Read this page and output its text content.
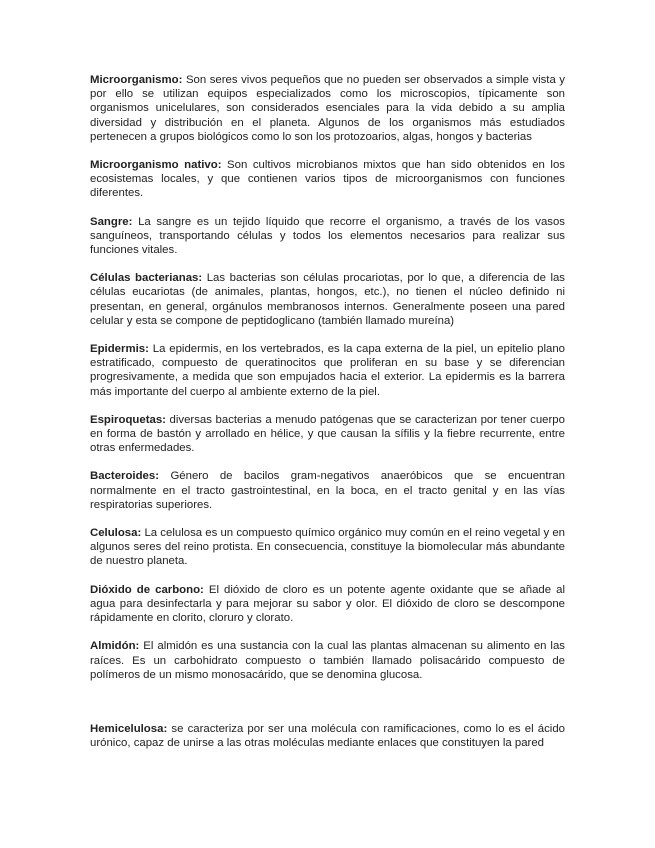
Microorganismo: Son seres vivos pequeños que no pueden ser observados a simple vista y por ello se utilizan equipos especializados como los microscopios, típicamente son organismos unicelulares, son considerados esenciales para la vida debido a su amplia diversidad y distribución en el planeta. Algunos de los organismos más estudiados pertenecen a grupos biológicos como lo son los protozoarios, algas, hongos y bacterias

Microorganismo nativo: Son cultivos microbianos mixtos que han sido obtenidos en los ecosistemas locales, y que contienen varios tipos de microorganismos con funciones diferentes.

Sangre: La sangre es un tejido líquido que recorre el organismo, a través de los vasos sanguíneos, transportando células y todos los elementos necesarios para realizar sus funciones vitales.

Células bacterianas: Las bacterias son células procariotas, por lo que, a diferencia de las células eucariotas (de animales, plantas, hongos, etc.), no tienen el núcleo definido ni presentan, en general, orgánulos membranosos internos. Generalmente poseen una pared celular y esta se compone de peptidoglicano (también llamado mureína)

Epidermis: La epidermis, en los vertebrados, es la capa externa de la piel, un epitelio plano estratificado, compuesto de queratinocitos que proliferan en su base y se diferencian progresivamente, a medida que son empujados hacia el exterior. La epidermis es la barrera más importante del cuerpo al ambiente externo de la piel.

Espiroquetas: diversas bacterias a menudo patógenas que se caracterizan por tener cuerpo en forma de bastón y arrollado en hélice, y que causan la sífilis y la fiebre recurrente, entre otras enfermedades.

Bacteroides: Género de bacilos gram-negativos anaeróbicos que se encuentran normalmente en el tracto gastrointestinal, en la boca, en el tracto genital y en las vías respiratorias superiores.

Celulosa: La celulosa es un compuesto químico orgánico muy común en el reino vegetal y en algunos seres del reino protista. En consecuencia, constituye la biomolecular más abundante de nuestro planeta.

Dióxido de carbono: El dióxido de cloro es un potente agente oxidante que se añade al agua para desinfectarla y para mejorar su sabor y olor. El dióxido de cloro se descompone rápidamente en clorito, cloruro y clorato.

Almidón: El almidón es una sustancia con la cual las plantas almacenan su alimento en las raíces. Es un carbohidrato compuesto o también llamado polisacárido compuesto de polímeros de un mismo monosacárido, que se denomina glucosa.

Hemicelulosa: se caracteriza por ser una molécula con ramificaciones, como lo es el ácido urónico, capaz de unirse a las otras moléculas mediante enlaces que constituyen la pared
